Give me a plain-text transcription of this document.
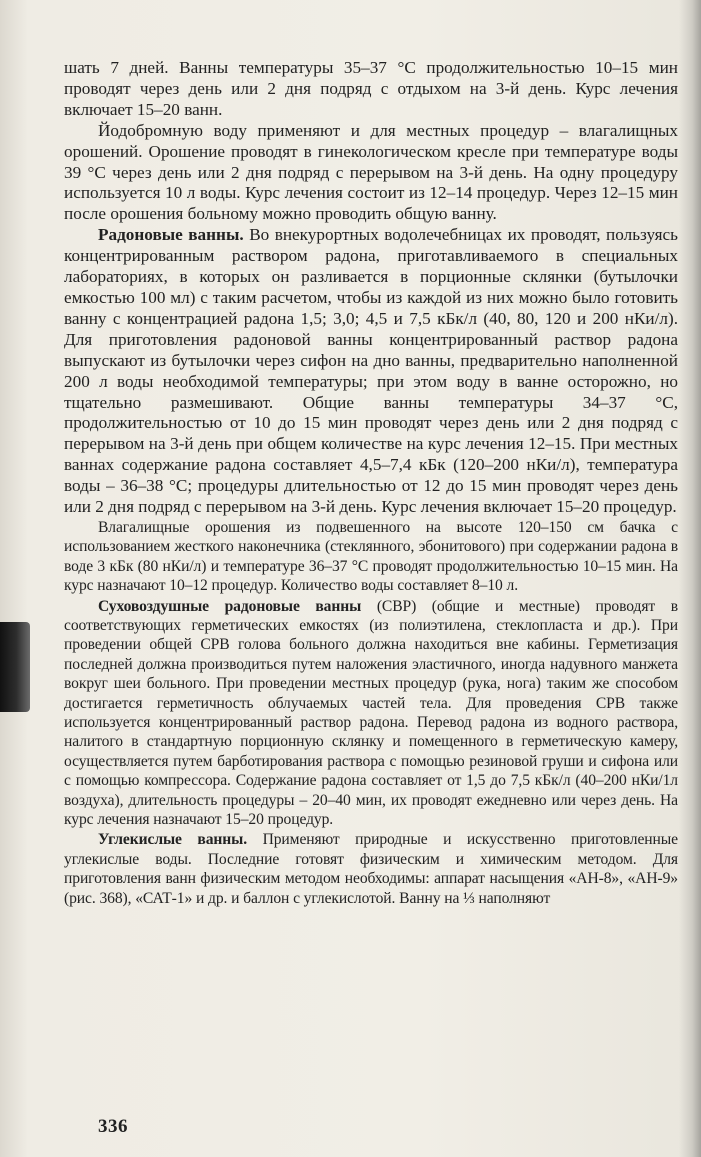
шать 7 дней. Ванны температуры 35–37 °С продолжительностью 10–15 мин проводят через день или 2 дня подряд с отдыхом на 3-й день. Курс лечения включает 15–20 ванн.

Йодобромную воду применяют и для местных процедур – влагалищных орошений. Орошение проводят в гинекологическом кресле при температуре воды 39 °С через день или 2 дня подряд с перерывом на 3-й день. На одну процедуру используется 10 л воды. Курс лечения состоит из 12–14 процедур. Через 12–15 мин после орошения больному можно проводить общую ванну.

Радоновые ванны. Во внекурортных водолечебницах их проводят, пользуясь концентрированным раствором радона, приготавливаемого в специальных лабораториях, в которых он разливается в порционные склянки (бутылочки емкостью 100 мл) с таким расчетом, чтобы из каждой из них можно было готовить ванну с концентрацией радона 1,5; 3,0; 4,5 и 7,5 кБк/л (40, 80, 120 и 200 нКи/л). Для приготовления радоновой ванны концентрированный раствор радона выпускают из бутылочки через сифон на дно ванны, предварительно наполненной 200 л воды необходимой температуры; при этом воду в ванне осторожно, но тщательно размешивают. Общие ванны температуры 34–37 °С, продолжительностью от 10 до 15 мин проводят через день или 2 дня подряд с перерывом на 3-й день при общем количестве на курс лечения 12–15. При местных ваннах содержание радона составляет 4,5–7,4 кБк (120–200 нКи/л), температура воды – 36–38 °С; процедуры длительностью от 12 до 15 мин проводят через день или 2 дня подряд с перерывом на 3-й день. Курс лечения включает 15–20 процедур.

Влагалищные орошения из подвешенного на высоте 120–150 см бачка с использованием жесткого наконечника (стеклянного, эбонитового) при содержании радона в воде 3 кБк (80 нКи/л) и температуре 36–37 °С проводят продолжительностью 10–15 мин. На курс назначают 10–12 процедур. Количество воды составляет 8–10 л.

Суховоздушные радоновые ванны (СВР) (общие и местные) проводят в соответствующих герметических емкостях (из полиэтилена, стеклопласта и др.). При проведении общей СРВ голова больного должна находиться вне кабины. Герметизация последней должна производиться путем наложения эластичного, иногда надувного манжета вокруг шеи больного. При проведении местных процедур (рука, нога) таким же способом достигается герметичность облучаемых частей тела. Для проведения СРВ также используется концентрированный раствор радона. Перевод радона из водного раствора, налитого в стандартную порционную склянку и помещенного в герметическую камеру, осуществляется путем барботирования раствора с помощью резиновой груши и сифона или с помощью компрессора. Содержание радона составляет от 1,5 до 7,5 кБк/л (40–200 нКи/1л воздуха), длительность процедуры – 20–40 мин, их проводят ежедневно или через день. На курс лечения назначают 15–20 процедур.

Углекислые ванны. Применяют природные и искусственно приготовленные углекислые воды. Последние готовят физическим и химическим методом. Для приготовления ванн физическим методом необходимы: аппарат насыщения «АН-8», «АН-9» (рис. 368), «САТ-1» и др. и баллон с углекислотой. Ванну на ⅓ наполняют

336
